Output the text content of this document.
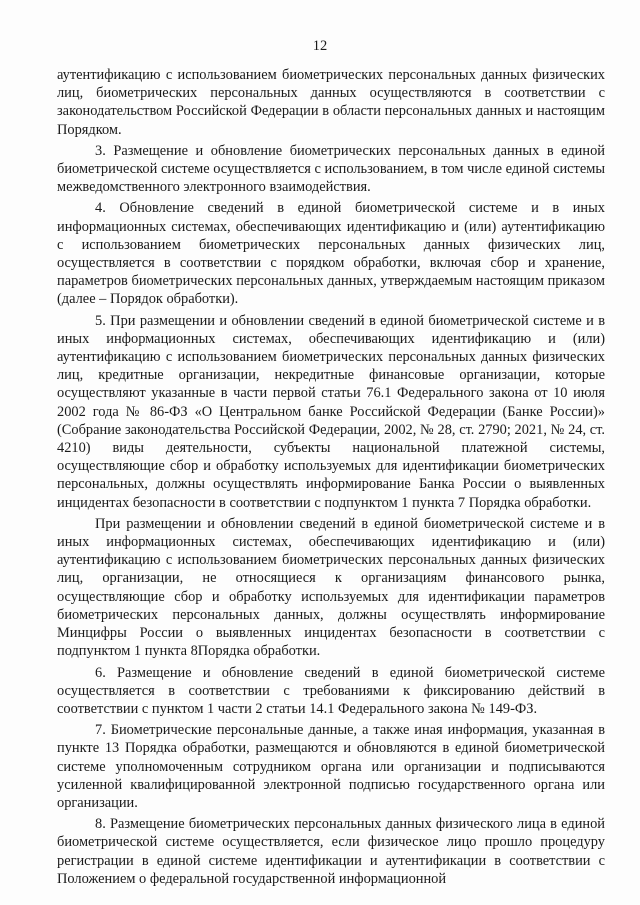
12

аутентификацию с использованием биометрических персональных данных физических лиц, биометрических персональных данных осуществляются в соответствии с законодательством Российской Федерации в области персональных данных и настоящим Порядком.

3. Размещение и обновление биометрических персональных данных в единой биометрической системе осуществляется с использованием, в том числе единой системы межведомственного электронного взаимодействия.

4. Обновление сведений в единой биометрической системе и в иных информационных системах, обеспечивающих идентификацию и (или) аутентификацию с использованием биометрических персональных данных физических лиц, осуществляется в соответствии с порядком обработки, включая сбор и хранение, параметров биометрических персональных данных, утверждаемым настоящим приказом (далее – Порядок обработки).

5. При размещении и обновлении сведений в единой биометрической системе и в иных информационных системах, обеспечивающих идентификацию и (или) аутентификацию с использованием биометрических персональных данных физических лиц, кредитные организации, некредитные финансовые организации, которые осуществляют указанные в части первой статьи 76.1 Федерального закона от 10 июля 2002 года № 86-ФЗ «О Центральном банке Российской Федерации (Банке России)» (Собрание законодательства Российской Федерации, 2002, № 28, ст. 2790; 2021, № 24, ст. 4210) виды деятельности, субъекты национальной платежной системы, осуществляющие сбор и обработку используемых для идентификации биометрических персональных, должны осуществлять информирование Банка России о выявленных инцидентах безопасности в соответствии с подпунктом 1 пункта 7 Порядка обработки.

При размещении и обновлении сведений в единой биометрической системе и в иных информационных системах, обеспечивающих идентификацию и (или) аутентификацию с использованием биометрических персональных данных физических лиц, организации, не относящиеся к организациям финансового рынка, осуществляющие сбор и обработку используемых для идентификации параметров биометрических персональных данных, должны осуществлять информирование Минцифры России о выявленных инцидентах безопасности в соответствии с подпунктом 1 пункта 8Порядка обработки.

6. Размещение и обновление сведений в единой биометрической системе осуществляется в соответствии с требованиями к фиксированию действий в соответствии с пунктом 1 части 2 статьи 14.1 Федерального закона № 149-ФЗ.

7. Биометрические персональные данные, а также иная информация, указанная в пункте 13 Порядка обработки, размещаются и обновляются в единой биометрической системе уполномоченным сотрудником органа или организации и подписываются усиленной квалифицированной электронной подписью государственного органа или организации.

8. Размещение биометрических персональных данных физического лица в единой биометрической системе осуществляется, если физическое лицо прошло процедуру регистрации в единой системе идентификации и аутентификации в соответствии с Положением о федеральной государственной информационной
